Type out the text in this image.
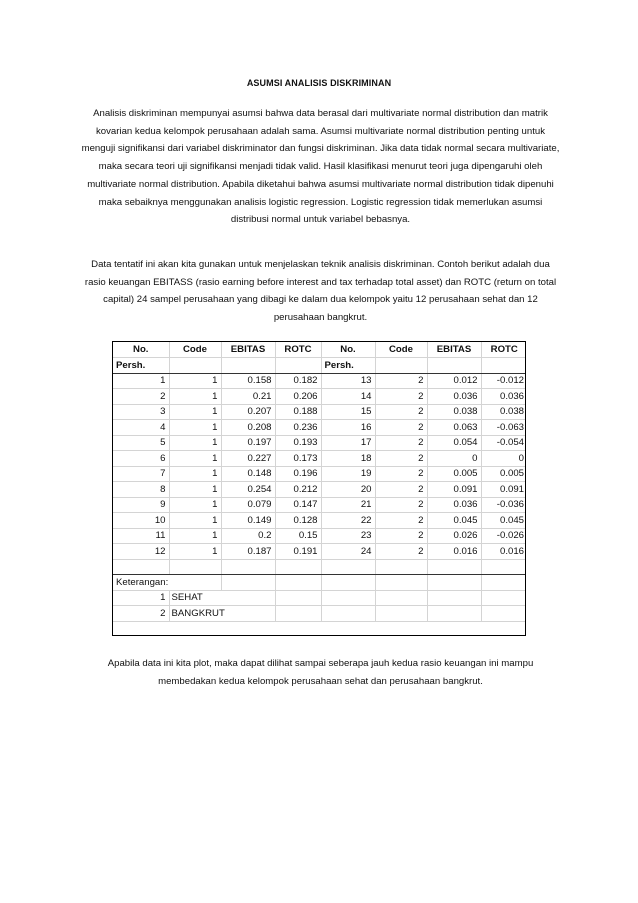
ASUMSI ANALISIS DISKRIMINAN

Analisis diskriminan mempunyai asumsi bahwa data berasal dari multivariate normal distribution dan matrik kovarian kedua kelompok perusahaan adalah sama. Asumsi multivariate normal distribution penting untuk menguji signifikansi dari variabel diskriminator dan fungsi diskriminan. Jika data tidak normal secara multivariate, maka secara teori uji signifikansi menjadi tidak valid. Hasil klasifikasi menurut teori juga dipengaruhi oleh multivariate normal distribution. Apabila diketahui bahwa asumsi multivariate normal distribution tidak dipenuhi maka sebaiknya menggunakan analisis logistic regression. Logistic regression tidak memerlukan asumsi distribusi normal untuk variabel bebasnya.

Data tentatif ini akan kita gunakan untuk menjelaskan teknik analisis diskriminan. Contoh berikut adalah dua rasio keuangan EBITASS (rasio earning before interest and tax terhadap total asset) dan ROTC (return on total capital) 24 sampel perusahaan yang dibagi ke dalam dua kelompok yaitu 12 perusahaan sehat dan 12 perusahaan bangkrut.

No.	Code	EBITAS	ROTC	No.	Code	EBITAS	ROTC
Persh.				Persh.			
1	1	0.158	0.182	13	2	0.012	-0.012
2	1	0.21	0.206	14	2	0.036	0.036
3	1	0.207	0.188	15	2	0.038	0.038
4	1	0.208	0.236	16	2	0.063	-0.063
5	1	0.197	0.193	17	2	0.054	-0.054
6	1	0.227	0.173	18	2	0	0
7	1	0.148	0.196	19	2	0.005	0.005
8	1	0.254	0.212	20	2	0.091	0.091
9	1	0.079	0.147	21	2	0.036	-0.036
10	1	0.149	0.128	22	2	0.045	0.045
11	1	0.2	0.15	23	2	0.026	-0.026
12	1	0.187	0.191	24	2	0.016	0.016

Keterangan:							
1	SEHAT						
2	BANGKRUT						

Apabila data ini kita plot, maka dapat dilihat sampai seberapa jauh kedua rasio keuangan ini mampu membedakan kedua kelompok perusahaan sehat dan perusahaan bangkrut.
